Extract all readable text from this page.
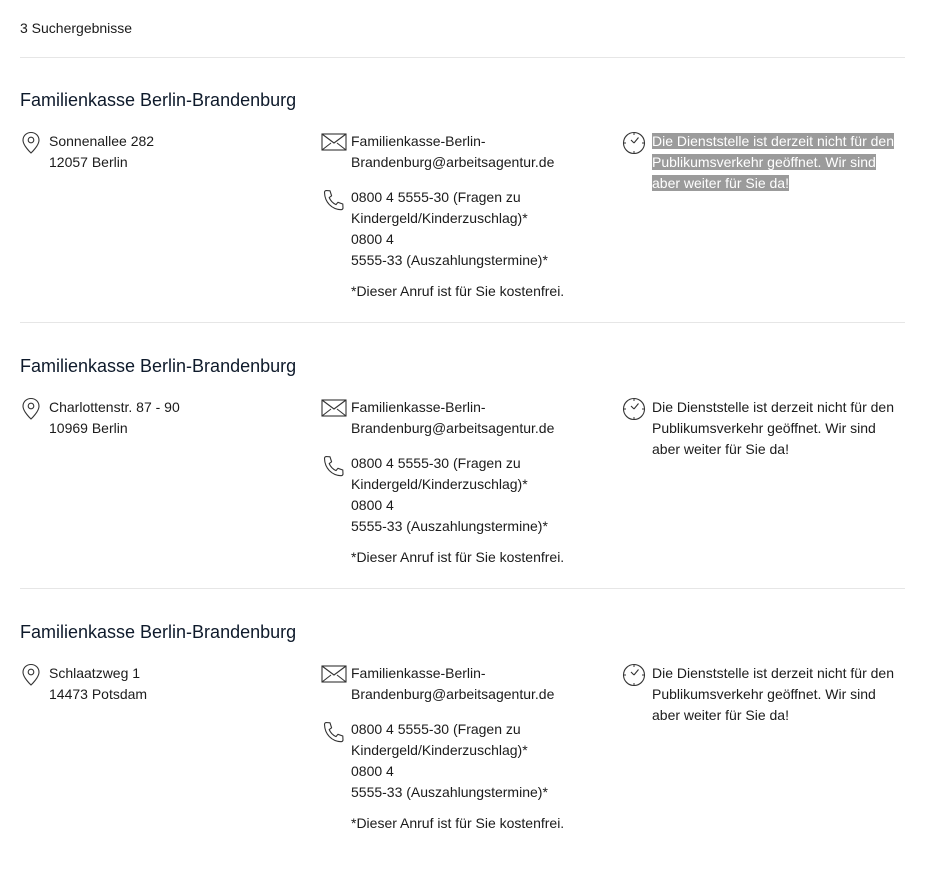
3 Suchergebnisse
Familienkasse Berlin-Brandenburg
Sonnenallee 282
12057 Berlin
Familienkasse-Berlin-
Brandenburg@arbeitsagentur.de
0800 4 5555-30 (Fragen zu
Kindergeld/Kinderzuschlag)*
0800 4
5555-33 (Auszahlungstermine)*
*Dieser Anruf ist für Sie kostenfrei.
Die Dienststelle ist derzeit nicht für den Publikumsverkehr geöffnet. Wir sind aber weiter für Sie da!
Familienkasse Berlin-Brandenburg
Charlottenstr. 87 - 90
10969 Berlin
Familienkasse-Berlin-
Brandenburg@arbeitsagentur.de
0800 4 5555-30 (Fragen zu
Kindergeld/Kinderzuschlag)*
0800 4
5555-33 (Auszahlungstermine)*
*Dieser Anruf ist für Sie kostenfrei.
Die Dienststelle ist derzeit nicht für den Publikumsverkehr geöffnet. Wir sind aber weiter für Sie da!
Familienkasse Berlin-Brandenburg
Schlaatzweg 1
14473 Potsdam
Familienkasse-Berlin-
Brandenburg@arbeitsagentur.de
0800 4 5555-30 (Fragen zu
Kindergeld/Kinderzuschlag)*
0800 4
5555-33 (Auszahlungstermine)*
*Dieser Anruf ist für Sie kostenfrei.
Die Dienststelle ist derzeit nicht für den Publikumsverkehr geöffnet. Wir sind aber weiter für Sie da!
